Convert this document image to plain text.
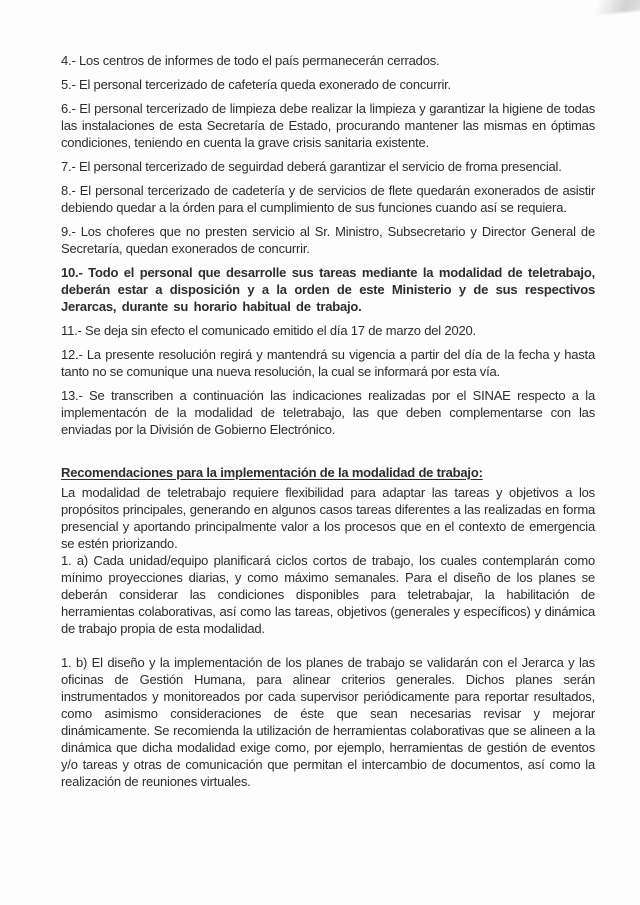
4.- Los centros de informes de todo el país permanecerán cerrados.

5.- El personal tercerizado de cafetería queda exonerado de concurrir.

6.- El personal tercerizado de limpieza debe realizar la limpieza y garantizar la higiene de todas las instalaciones de esta Secretaría de Estado, procurando mantener las mismas en óptimas condiciones, teniendo en cuenta la grave crisis sanitaria existente.

7.- El personal tercerizado de seguirdad deberá garantizar el servicio de froma presencial.

8.- El personal tercerizado de cadetería y de servicios de flete quedarán exonerados de asistir debiendo quedar a la órden para el cumplimiento de sus funciones cuando así se requiera.

9.- Los choferes que no presten servicio al Sr. Ministro, Subsecretario y Director General de Secretaría, quedan exonerados de concurrir.

10.- Todo el personal que desarrolle sus tareas mediante la modalidad de teletrabajo, deberán estar a disposición y a la orden de este Ministerio y de sus respectivos Jerarcas, durante su horario habitual de trabajo.

11.- Se deja sin efecto el comunicado emitido el día 17 de marzo del 2020.

12.- La presente resolución regirá y mantendrá su vigencia a partir del día de la fecha y hasta tanto no se comunique una nueva resolución, la cual se informará por esta vía.

13.- Se transcriben a continuación las indicaciones realizadas por el SINAE respecto a la implementacón de la modalidad de teletrabajo, las que deben complementarse con las enviadas por la División de Gobierno Electrónico.

Recomendaciones para la implementación de la modalidad de trabajo:

La modalidad de teletrabajo requiere flexibilidad para adaptar las tareas y objetivos a los propósitos principales, generando en algunos casos tareas diferentes a las realizadas en forma presencial y aportando principalmente valor a los procesos que en el contexto de emergencia se estén priorizando.

1. a) Cada unidad/equipo planificará ciclos cortos de trabajo, los cuales contemplarán como mínimo proyecciones diarias, y como máximo semanales. Para el diseño de los planes se deberán considerar las condiciones disponibles para teletrabajar, la habilitación de herramientas colaborativas, así como las tareas, objetivos (generales y específicos) y dinámica de trabajo propia de esta modalidad.

1. b) El diseño y la implementación de los planes de trabajo se validarán con el Jerarca y las oficinas de Gestión Humana, para alinear criterios generales. Dichos planes serán instrumentados y monitoreados por cada supervisor periódicamente para reportar resultados, como asimismo consideraciones de éste que sean necesarias revisar y mejorar dinámicamente. Se recomienda la utilización de herramientas colaborativas que se alineen a la dinámica que dicha modalidad exige como, por ejemplo, herramientas de gestión de eventos y/o tareas y otras de comunicación que permitan el intercambio de documentos, así como la realización de reuniones virtuales.
